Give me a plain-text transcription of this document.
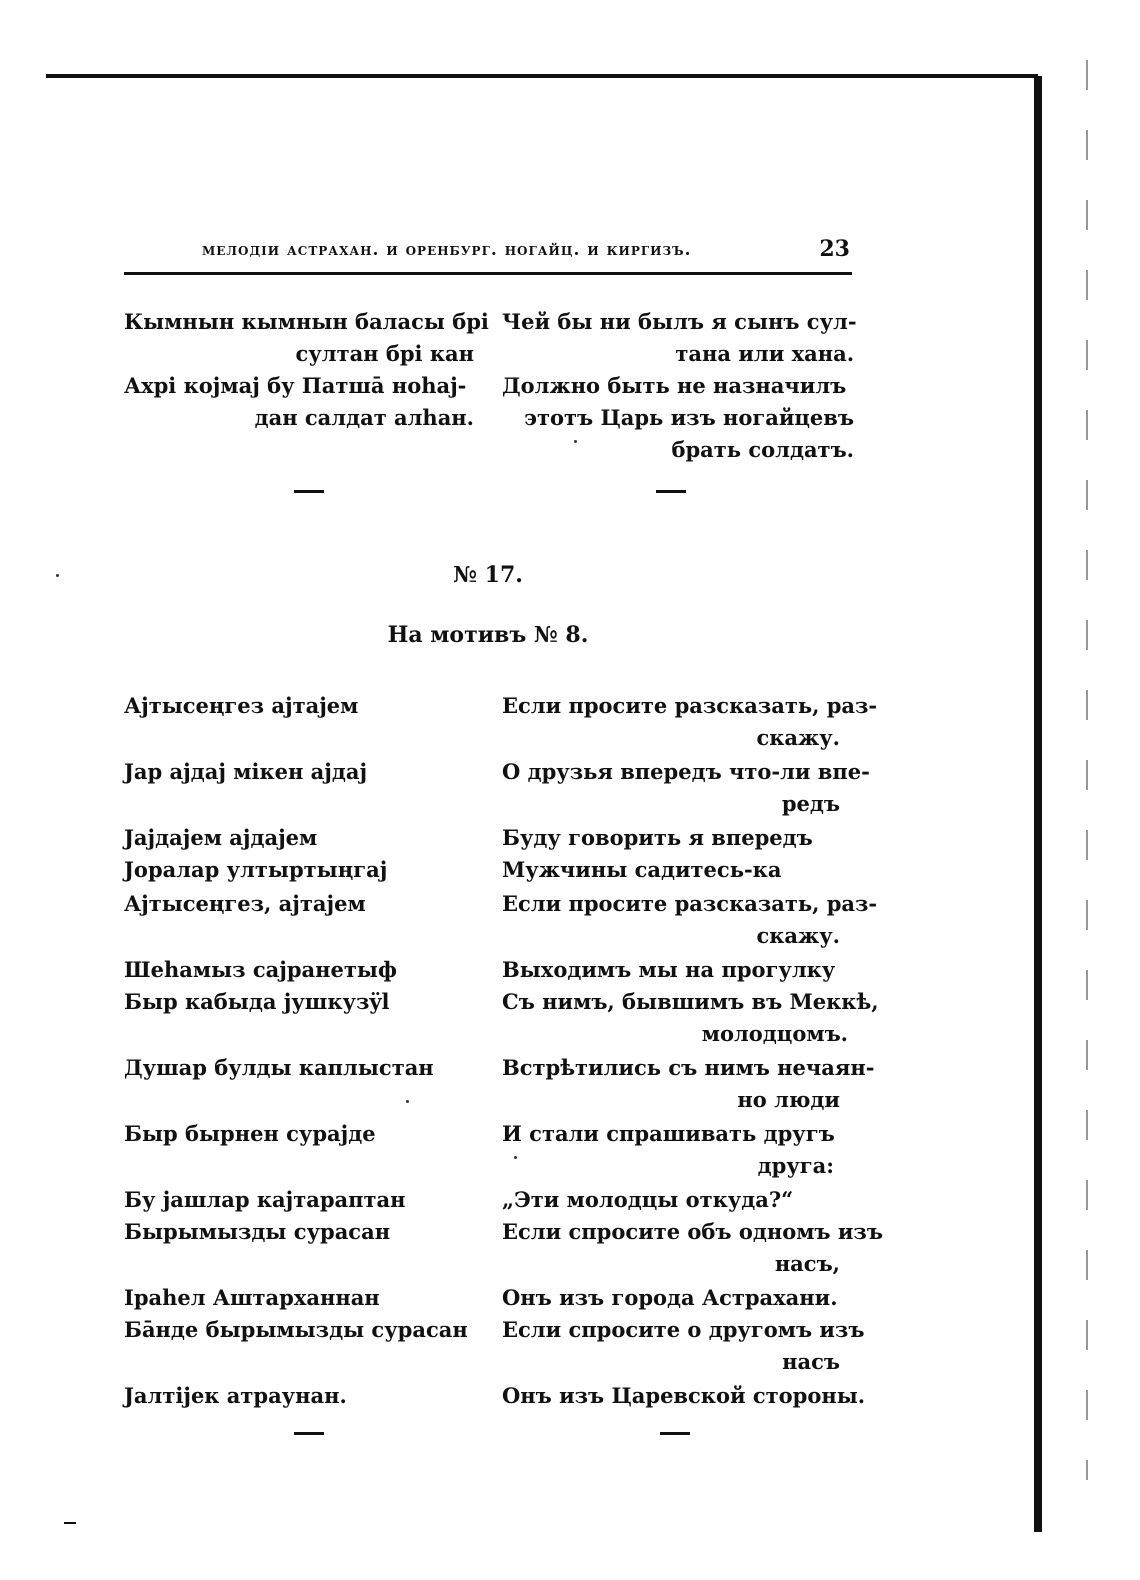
мелодіи астрахан. и оренбург. ногайц. и киргизъ.	23
Кымнын кымнын баласы брі
султан брі кан
Ахрі којмај бу Патшā ноһај-
дан салдат алһан.
Чей бы ни былъ я сынъ сул-
тана или хана.
Должно быть не назначилъ
этотъ Царь изъ ногайцевъ
брать солдатъ.
№ 17.
На мотивъ № 8.
Ајтысеңгез ајтајем
Јар ајдај мікен ајдај
Јајдајем ајдајем
Јоралар ултыртыңгај
Ајтысеңгез, ајтајем
Шеһамыз сајранетыф
Быр кабыда јушкузÿl
Душар булды каплыстан
Быр бырнен сурајде
Бу јашлар кајтараптан
Бырымызды сурасан
Іраһел Аштарханнан
Бāнде бырымызды сурасан
Јалтіјек атраунан.
Если просите разсказать, раз-
скажу.
О друзья впередъ что-ли впе-
редъ
Буду говорить я впередъ
Мужчины садитесь-ка
Если просите разсказать, раз-
скажу.
Выходимъ мы на прогулку
Съ нимъ, бывшимъ въ Меккѣ,
молодцомъ.
Встрѣтились съ нимъ нечаян-
но люди
И стали спрашивать другъ
друга:
„Эти молодцы откуда?“
Если спросите объ одномъ изъ
насъ,
Онъ изъ города Астрахани.
Если спросите о другомъ изъ
насъ
Онъ изъ Царевской стороны.
